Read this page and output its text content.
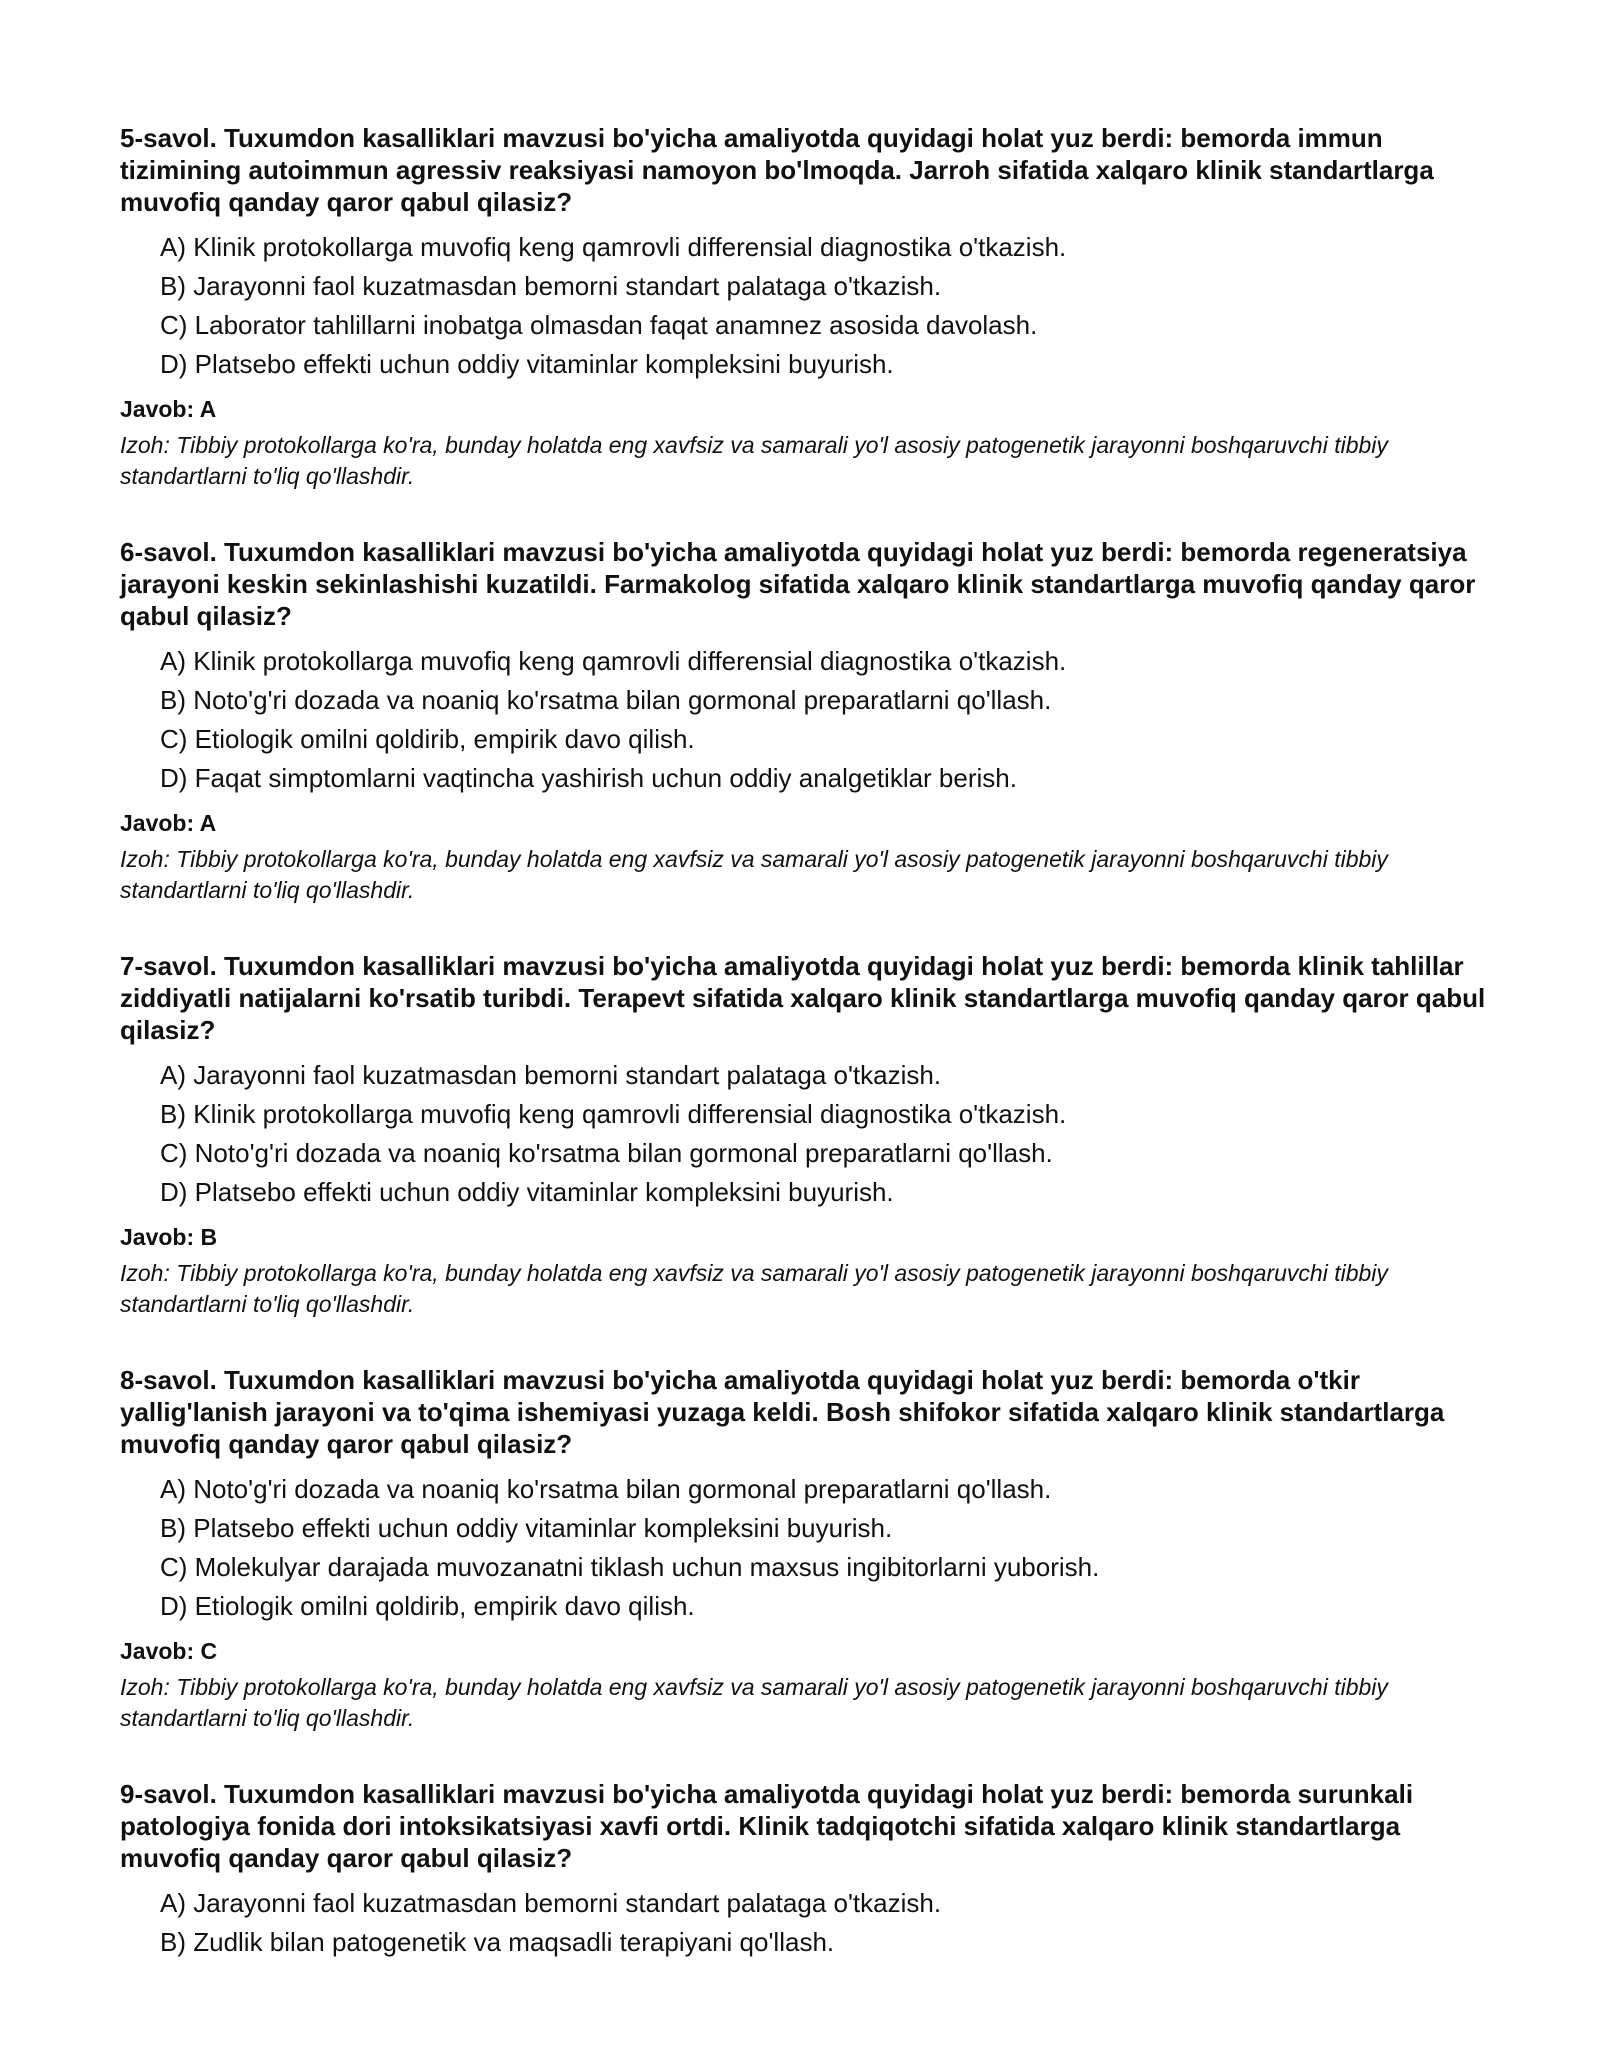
5-savol. Tuxumdon kasalliklari mavzusi bo'yicha amaliyotda quyidagi holat yuz berdi: bemorda immun tizimining autoimmun agressiv reaksiyasi namoyon bo'lmoqda. Jarroh sifatida xalqaro klinik standartlarga muvofiq qanday qaror qabul qilasiz?
A) Klinik protokollarga muvofiq keng qamrovli differensial diagnostika o'tkazish.
B) Jarayonni faol kuzatmasdan bemorni standart palataga o'tkazish.
C) Laborator tahlillarni inobatga olmasdan faqat anamnez asosida davolash.
D) Platsebo effekti uchun oddiy vitaminlar kompleksini buyurish.
Javob: A
Izoh: Tibbiy protokollarga ko'ra, bunday holatda eng xavfsiz va samarali yo'l asosiy patogenetik jarayonni boshqaruvchi tibbiy standartlarni to'liq qo'llashdir.
6-savol. Tuxumdon kasalliklari mavzusi bo'yicha amaliyotda quyidagi holat yuz berdi: bemorda regeneratsiya jarayoni keskin sekinlashishi kuzatildi. Farmakolog sifatida xalqaro klinik standartlarga muvofiq qanday qaror qabul qilasiz?
A) Klinik protokollarga muvofiq keng qamrovli differensial diagnostika o'tkazish.
B) Noto'g'ri dozada va noaniq ko'rsatma bilan gormonal preparatlarni qo'llash.
C) Etiologik omilni qoldirib, empirik davo qilish.
D) Faqat simptomlarni vaqtincha yashirish uchun oddiy analgetiklar berish.
Javob: A
Izoh: Tibbiy protokollarga ko'ra, bunday holatda eng xavfsiz va samarali yo'l asosiy patogenetik jarayonni boshqaruvchi tibbiy standartlarni to'liq qo'llashdir.
7-savol. Tuxumdon kasalliklari mavzusi bo'yicha amaliyotda quyidagi holat yuz berdi: bemorda klinik tahlillar ziddiyatli natijalarni ko'rsatib turibdi. Terapevt sifatida xalqaro klinik standartlarga muvofiq qanday qaror qabul qilasiz?
A) Jarayonni faol kuzatmasdan bemorni standart palataga o'tkazish.
B) Klinik protokollarga muvofiq keng qamrovli differensial diagnostika o'tkazish.
C) Noto'g'ri dozada va noaniq ko'rsatma bilan gormonal preparatlarni qo'llash.
D) Platsebo effekti uchun oddiy vitaminlar kompleksini buyurish.
Javob: B
Izoh: Tibbiy protokollarga ko'ra, bunday holatda eng xavfsiz va samarali yo'l asosiy patogenetik jarayonni boshqaruvchi tibbiy standartlarni to'liq qo'llashdir.
8-savol. Tuxumdon kasalliklari mavzusi bo'yicha amaliyotda quyidagi holat yuz berdi: bemorda o'tkir yallig'lanish jarayoni va to'qima ishemiyasi yuzaga keldi. Bosh shifokor sifatida xalqaro klinik standartlarga muvofiq qanday qaror qabul qilasiz?
A) Noto'g'ri dozada va noaniq ko'rsatma bilan gormonal preparatlarni qo'llash.
B) Platsebo effekti uchun oddiy vitaminlar kompleksini buyurish.
C) Molekulyar darajada muvozanatni tiklash uchun maxsus ingibitorlarni yuborish.
D) Etiologik omilni qoldirib, empirik davo qilish.
Javob: C
Izoh: Tibbiy protokollarga ko'ra, bunday holatda eng xavfsiz va samarali yo'l asosiy patogenetik jarayonni boshqaruvchi tibbiy standartlarni to'liq qo'llashdir.
9-savol. Tuxumdon kasalliklari mavzusi bo'yicha amaliyotda quyidagi holat yuz berdi: bemorda surunkali patologiya fonida dori intoksikatsiyasi xavfi ortdi. Klinik tadqiqotchi sifatida xalqaro klinik standartlarga muvofiq qanday qaror qabul qilasiz?
A) Jarayonni faol kuzatmasdan bemorni standart palataga o'tkazish.
B) Zudlik bilan patogenetik va maqsadli terapiyani qo'llash.
